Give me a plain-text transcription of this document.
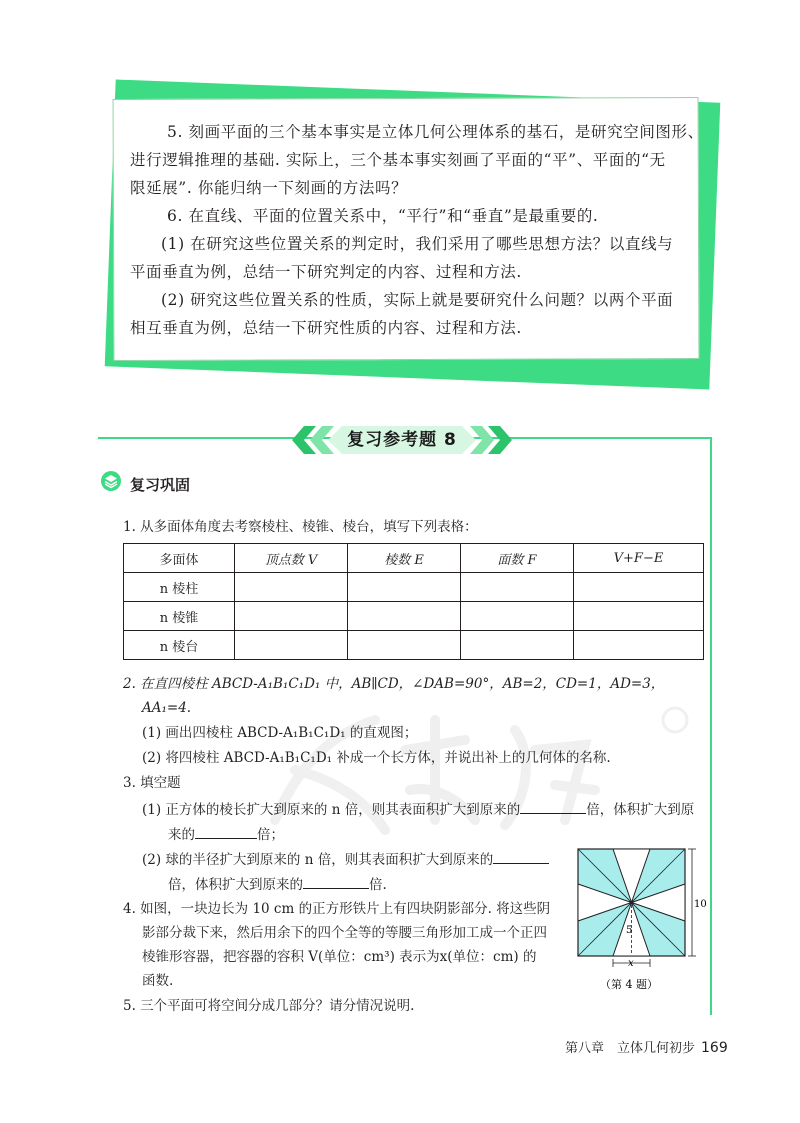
5. 刻画平面的三个基本事实是立体几何公理体系的基石，是研究空间图形、
进行逻辑推理的基础. 实际上，三个基本事实刻画了平面的“平”、平面的“无
限延展”. 你能归纳一下刻画的方法吗？
6. 在直线、平面的位置关系中，“平行”和“垂直”是最重要的.
(1) 在研究这些位置关系的判定时，我们采用了哪些思想方法？以直线与
平面垂直为例，总结一下研究判定的内容、过程和方法.
(2) 研究这些位置关系的性质，实际上就是要研究什么问题？以两个平面
相互垂直为例，总结一下研究性质的内容、过程和方法.
复习参考题 8
复习巩固
1. 从多面体角度去考察棱柱、棱锥、棱台，填写下列表格：
多面体	顶点数 V	棱数 E	面数 F	V+F−E
n 棱柱				
n 棱锥				
n 棱台				
2. 在直四棱柱 ABCD-A₁B₁C₁D₁ 中，AB∥CD，∠DAB=90°，AB=2，CD=1，AD=3，
AA₁=4.
(1) 画出四棱柱 ABCD-A₁B₁C₁D₁ 的直观图；
(2) 将四棱柱 ABCD-A₁B₁C₁D₁ 补成一个长方体，并说出补上的几何体的名称.
3. 填空题
(1) 正方体的棱长扩大到原来的 n 倍，则其表面积扩大到原来的	倍，体积扩大到原
来的	倍；
(2) 球的半径扩大到原来的 n 倍，则其表面积扩大到原来的
倍，体积扩大到原来的	倍.
4. 如图，一块边长为 10 cm 的正方形铁片上有四块阴影部分. 将这些阴
影部分裁下来，然后用余下的四个全等的等腰三角形加工成一个正四
棱锥形容器，把容器的容积 V(单位：cm³) 表示为x(单位：cm) 的
函数.
5
10
x
（第 4 题）
5. 三个平面可将空间分成几部分？请分情况说明.
第八章　立体几何初步 169
